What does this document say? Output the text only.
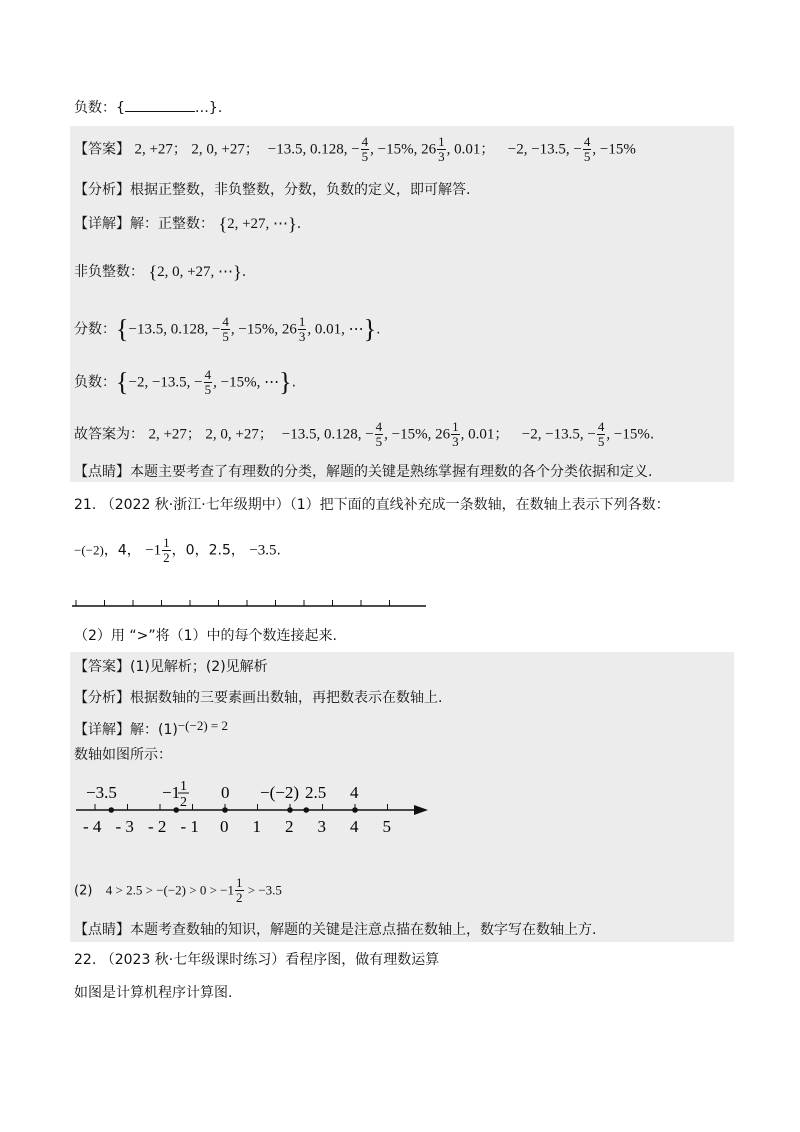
负数：{	…}.
【答案】 2, +27； 2, 0, +27； −13.5, 0.128, − $\frac{4}{5}$ , −15%, $26 \frac{1}{3}$ , 0.01； −2, −13.5, − $\frac{4}{5}$ , −15%
【分析】根据正整数，非负整数，分数，负数的定义，即可解答.
【详解】解：正整数： {2, +27, ⋯}.
非负整数： {2, 0, +27, ⋯}.
分数：{−13.5, 0.128, − $\frac{4}{5}$ , −15%, $26 \frac{1}{3}$ , 0.01, ⋯}.
负数：{−2, −13.5, − $\frac{4}{5}$ , −15%, ⋯}.
故答案为： 2, +27； 2, 0, +27； −13.5, 0.128, − $\frac{4}{5}$ , −15%, $26 \frac{1}{3}$ , 0.01； −2, −13.5, − $\frac{4}{5}$ , −15%.
【点睛】本题主要考查了有理数的分类，解题的关键是熟练掌握有理数的各个分类依据和定义.
21. （2022 秋·浙江·七年级期中）（1）把下面的直线补充成一条数轴，在数轴上表示下列各数：
−(−2)，4， $-1 \frac{1}{2}$ ，0，2.5， −3.5.
（2）用 “>”将（1）中的每个数连接起来.
【答案】(1)见解析；(2)见解析
【分析】根据数轴的三要素画出数轴，再把数表示在数轴上.
【详解】解：(1)−(−2) = 2
数轴如图所示：
−3.5	−1 1
2
0 −(−2) 2.5 4
- 4 - 3 - 2 - 1 0 1 2 3 4 5
(2) $4 > 2.5 > -(-2) > 0 > -1 \frac{1}{2} > -3.5$
【点睛】本题考查数轴的知识，解题的关键是注意点描在数轴上，数字写在数轴上方.
22. （2023 秋·七年级课时练习）看程序图，做有理数运算
如图是计算机程序计算图.
